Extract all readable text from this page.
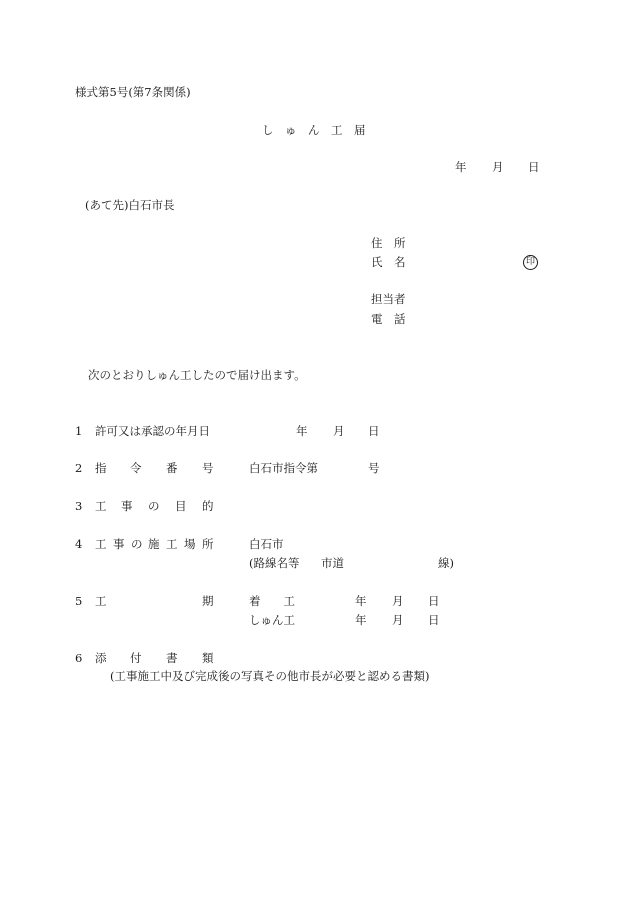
様式第5号(第7条関係)
し　ゅ　ん　工　届
年 月 日
(あて先)白石市長
住　所
氏　名	印
担当者
電　話
次のとおりしゅん工したので届け出ます。
1 許可又は承認の年月日	年 月 日
2 指 令 番 号	白石市指令第	号
3 工 事 の 目 的
4 工 事 の 施 工 場 所	白石市
(路線名等 市道	線)
5 工	期	着　　工	年 月 日
しゅん工	年 月 日
6 添 付 書 類
(工事施工中及び完成後の写真その他市長が必要と認める書類)
